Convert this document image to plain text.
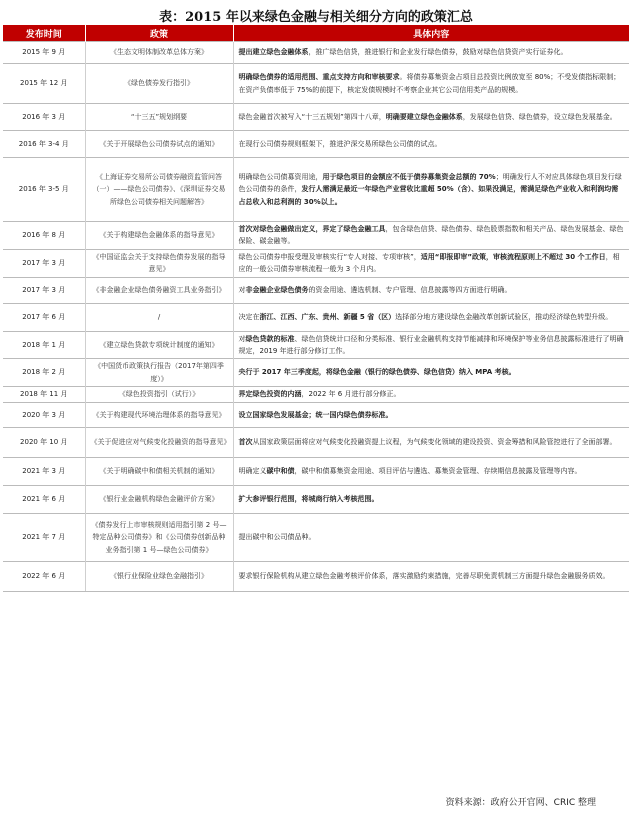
表：2015 年以来绿色金融与相关细分方向的政策汇总
发布时间	政策	具体内容
2015 年 9 月	《生态文明体制改革总体方案》	提出建立绿色金融体系，推广绿色信贷，推进银行和企业发行绿色债券，鼓励对绿色信贷资产实行证券化。
2015 年 12 月	《绿色债券发行指引》	明确绿色债券的适用范围、重点支持方向和审核要求。将债券募集资金占项目总投资比例放宽至 80%；不受发债指标限制；在资产负债率低于 75%的前提下，核定发债规模时不考察企业其它公司信用类产品的规模。
2016 年 3 月	“十三五”规划纲要	绿色金融首次被写入“十三五规划”第四十八章，明确要建立绿色金融体系，发展绿色信贷、绿色债券，设立绿色发展基金。
2016 年 3-4 月	《关于开展绿色公司债券试点的通知》	在现行公司债券规则框架下，推进沪深交易所绿色公司债的试点。
2016 年 3-5 月	《上海证券交易所公司债券融资监管问答（一）——绿色公司债券》、《深圳证券交易所绿色公司债券相关问题解答》	明确绿色公司债募资用途，用于绿色项目的金额应不低于债券募集资金总额的 70%；明确发行人不对应具体绿色项目发行绿色公司债券的条件，发行人需满足最近一年绿色产业营收比重超 50%（含）、如果没满足，需满足绿色产业收入和利润均需占总收入和总利润的 30%以上。
2016 年 8 月	《关于构建绿色金融体系的指导意见》	首次对绿色金融做出定义，界定了绿色金融工具，包含绿色信贷、绿色债券、绿色股票指数和相关产品、绿色发展基金、绿色保险、碳金融等。
2017 年 3 月	《中国证监会关于支持绿色债券发展的指导意见》	绿色公司债券申报受理及审核实行“专人对接、专项审核”，适用“即报即审”政策，审核流程原则上不超过 30 个工作日，相应的一般公司债券审核流程一般为 3 个月内。
2017 年 3 月	《非金融企业绿色债务融资工具业务指引》	对非金融企业绿色债务的资金用途、遴选机制、专户管理、信息披露等四方面进行明确。
2017 年 6 月	/	决定在浙江、江西、广东、贵州、新疆 5 省（区）选择部分地方建设绿色金融改革创新试验区，推动经济绿色转型升级。
2018 年 1 月	《建立绿色贷款专项统计制度的通知》	对绿色贷款的标准、绿色信贷统计口径和分类标准、银行业金融机构支持节能减排和环境保护等业务信息披露标准进行了明确规定，2019 年进行部分修订工作。
2018 年 2 月	《中国货币政策执行报告（2017年第四季度）》	央行于 2017 年三季度起，将绿色金融（银行的绿色债券、绿色信贷）纳入 MPA 考核。
2018 年 11 月	《绿色投资指引（试行）》	界定绿色投资的内涵，2022 年 6 月进行部分修正。
2020 年 3 月	《关于构建现代环境治理体系的指导意见》	设立国家绿色发展基金；统一国内绿色债券标准。
2020 年 10 月	《关于促进应对气候变化投融资的指导意见》	首次从国家政策层面将应对气候变化投融资提上议程，为气候变化领域的建设投资、资金筹措和风险管控进行了全面部署。
2021 年 3 月	《关于明确碳中和债相关机制的通知》	明确定义碳中和债，碳中和债募集资金用途、项目评估与遴选、募集资金管理、存续期信息披露及管理等内容。
2021 年 6 月	《银行业金融机构绿色金融评价方案》	扩大参评银行范围，将城商行纳入考核范围。
2021 年 7 月	《债券发行上市审核规则适用指引第 2 号—特定品种公司债券》和《公司债券创新品种业务指引第 1 号—绿色公司债券》	提出碳中和公司债品种。
2022 年 6 月	《银行业保险业绿色金融指引》	要求银行保险机构从建立绿色金融考核评价体系，落实激励约束措施，完善尽职免责机制三方面提升绿色金融服务质效。
资料来源：政府公开官网、CRIC 整理
